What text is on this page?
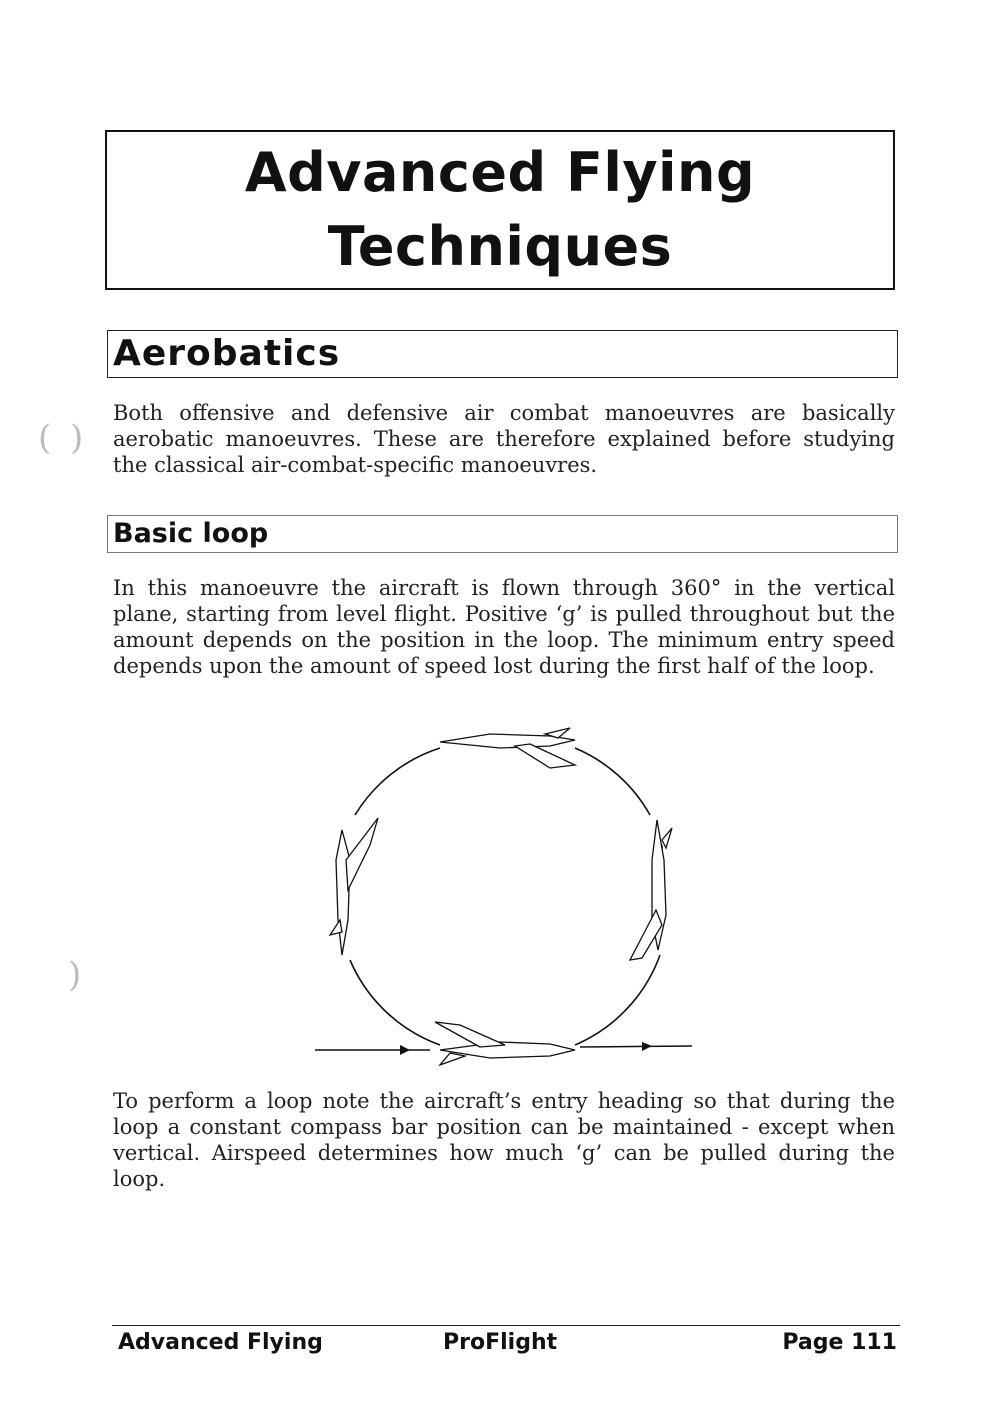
Advanced Flying
Techniques
Aerobatics

Both offensive and defensive air combat manoeuvres are basically aerobatic manoeuvres. These are therefore explained before studying the classical air-combat-specific manoeuvres.

Basic loop

In this manoeuvre the aircraft is flown through 360° in the vertical plane, starting from level flight. Positive ‘g’ is pulled throughout but the amount depends on the position in the loop. The minimum entry speed depends upon the amount of speed lost during the first half of the loop.

To perform a loop note the aircraft’s entry heading so that during the loop a constant compass bar position can be maintained - except when vertical. Airspeed determines how much ‘g’ can be pulled during the loop.

( )
)
Advanced Flying	ProFlight	Page 111
